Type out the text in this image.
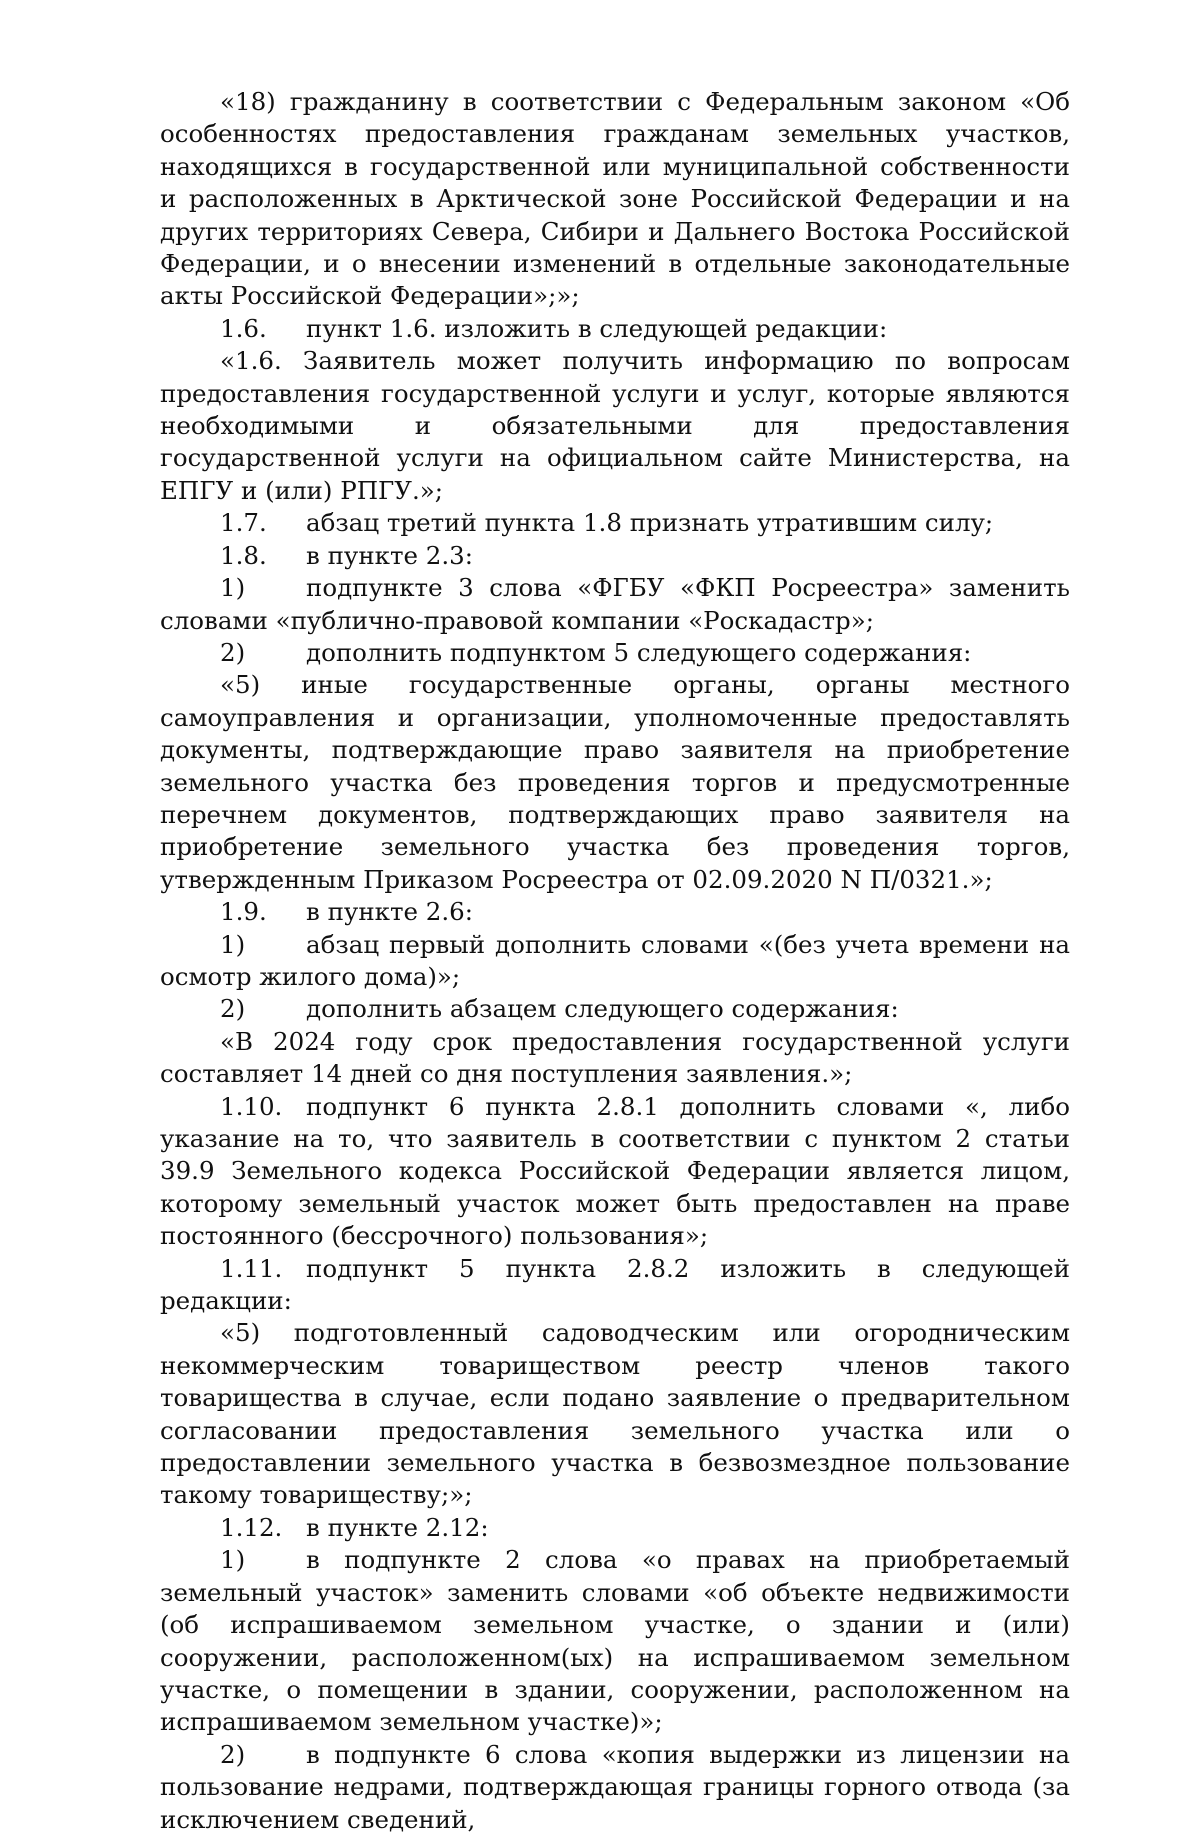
«18) гражданину в соответствии с Федеральным законом «Об особенностях предоставления гражданам земельных участков, находящихся в государственной или муниципальной собственности и расположенных в Арктической зоне Российской Федерации и на других территориях Севера, Сибири и Дальнего Востока Российской Федерации, и о внесении изменений в отдельные законодательные акты Российской Федерации»;»;

1.6. пункт 1.6. изложить в следующей редакции:

«1.6. Заявитель может получить информацию по вопросам предоставления государственной услуги и услуг, которые являются необходимыми и обязательными для предоставления государственной услуги на официальном сайте Министерства, на ЕПГУ и (или) РПГУ.»;

1.7. абзац третий пункта 1.8 признать утратившим силу;

1.8. в пункте 2.3:

1) подпункте 3 слова «ФГБУ «ФКП Росреестра» заменить словами «публично-правовой компании «Роскадастр»;

2) дополнить подпунктом 5 следующего содержания:

«5) иные государственные органы, органы местного самоуправления и организации, уполномоченные предоставлять документы, подтверждающие право заявителя на приобретение земельного участка без проведения торгов и предусмотренные перечнем документов, подтверждающих право заявителя на приобретение земельного участка без проведения торгов, утвержденным Приказом Росреестра от 02.09.2020 N П/0321.»;

1.9. в пункте 2.6:

1) абзац первый дополнить словами «(без учета времени на осмотр жилого дома)»;

2) дополнить абзацем следующего содержания:

«В 2024 году срок предоставления государственной услуги составляет 14 дней со дня поступления заявления.»;

1.10. подпункт 6 пункта 2.8.1 дополнить словами «, либо указание на то, что заявитель в соответствии с пунктом 2 статьи 39.9 Земельного кодекса Российской Федерации является лицом, которому земельный участок может быть предоставлен на праве постоянного (бессрочного) пользования»;

1.11. подпункт 5 пункта 2.8.2 изложить в следующей редакции:

«5) подготовленный садоводческим или огородническим некоммерческим товариществом реестр членов такого товарищества в случае, если подано заявление о предварительном согласовании предоставления земельного участка или о предоставлении земельного участка в безвозмездное пользование такому товариществу;»;

1.12. в пункте 2.12:

1) в подпункте 2 слова «о правах на приобретаемый земельный участок» заменить словами «об объекте недвижимости (об испрашиваемом земельном участке, о здании и (или) сооружении, расположенном(ых) на испрашиваемом земельном участке, о помещении в здании, сооружении, расположенном на испрашиваемом земельном участке)»;

2) в подпункте 6 слова «копия выдержки из лицензии на пользование недрами, подтверждающая границы горного отвода (за исключением сведений,
